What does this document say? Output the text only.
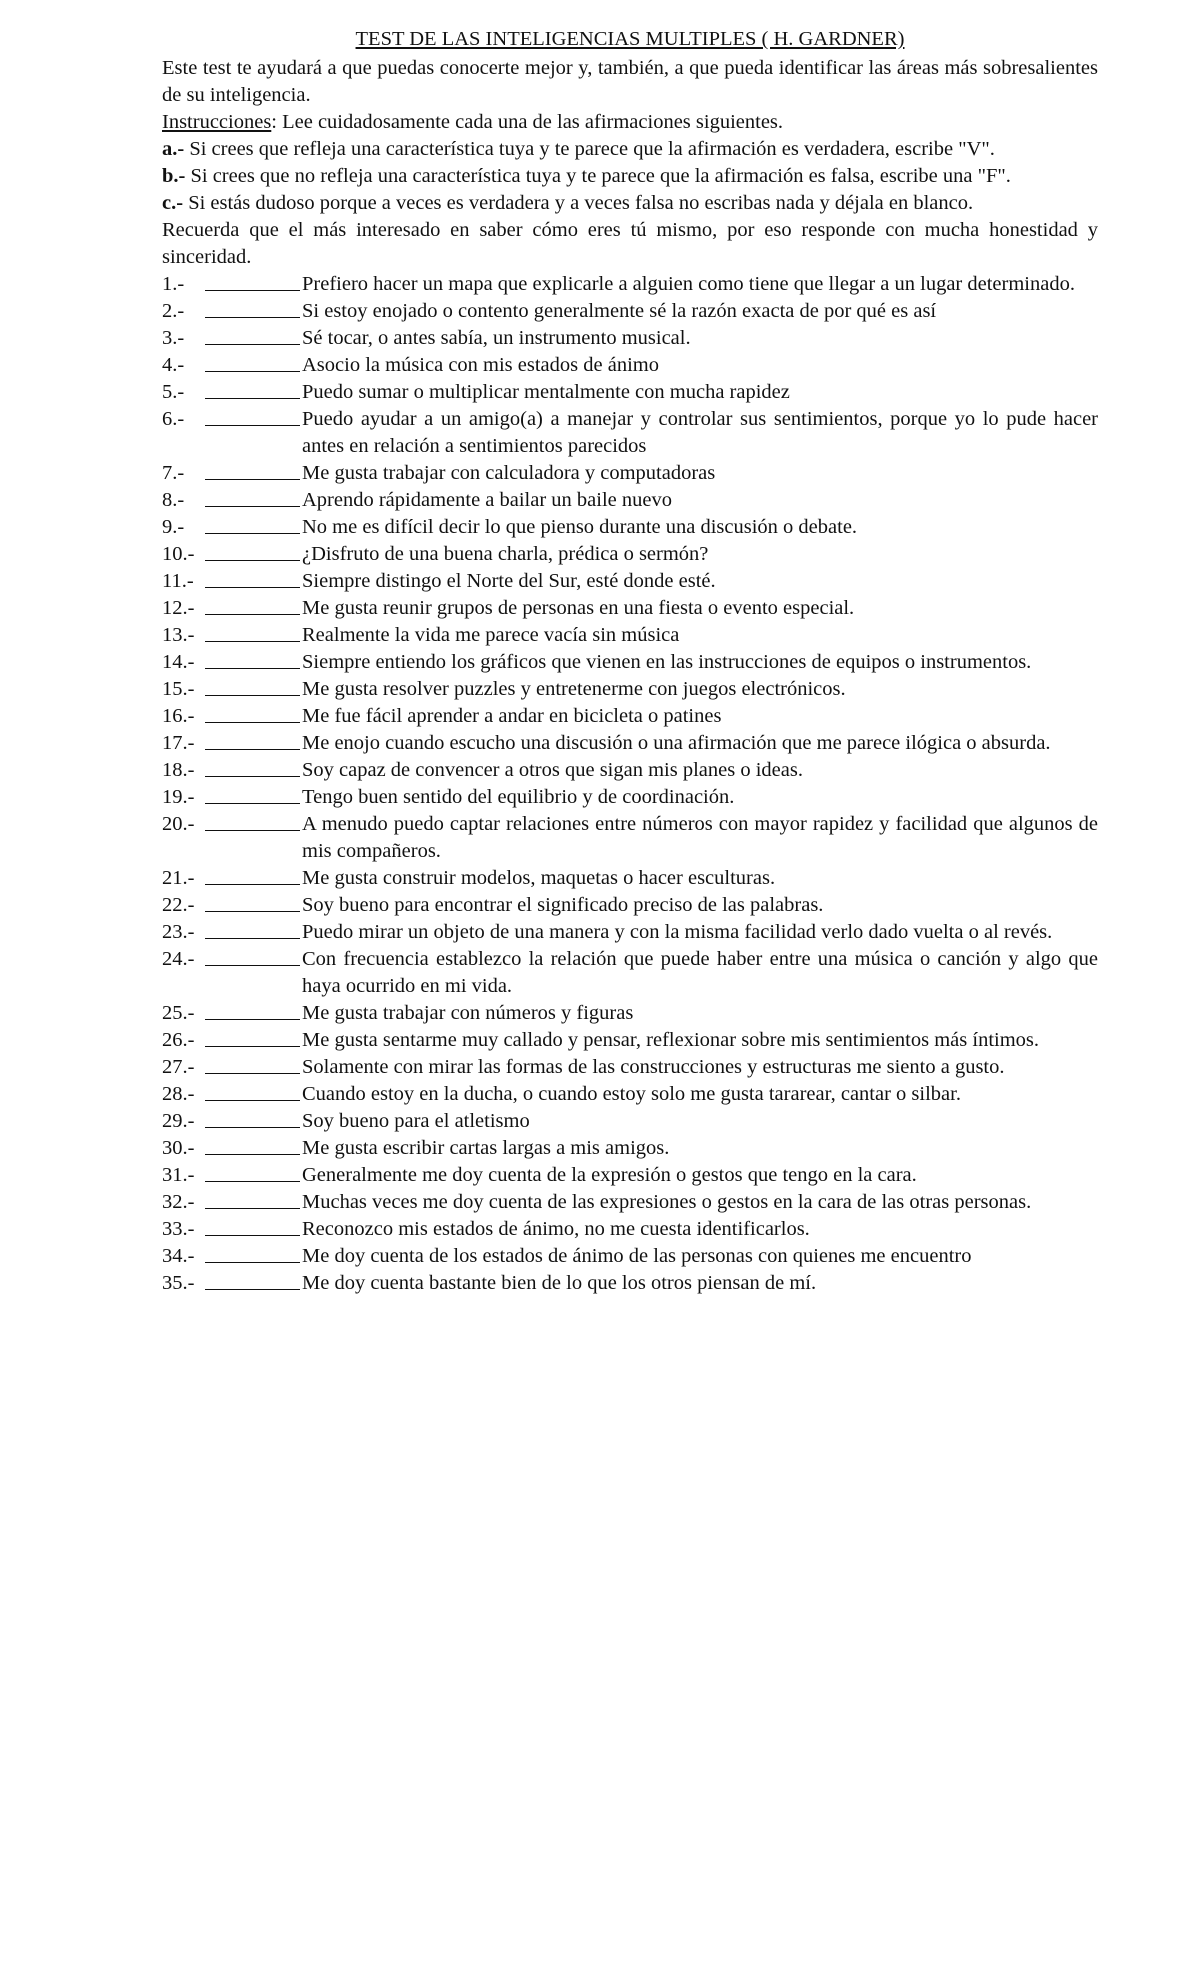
TEST DE LAS INTELIGENCIAS MULTIPLES ( H. GARDNER)

Este test te ayudará a que puedas conocerte mejor y, también, a que pueda identificar las áreas más sobresalientes de su inteligencia.

Instrucciones: Lee cuidadosamente cada una de las afirmaciones siguientes.

a.- Si crees que refleja una característica tuya y te parece que la afirmación es verdadera, escribe "V".

b.- Si crees que no refleja una característica tuya y te parece que la afirmación es falsa, escribe una "F".

c.- Si estás dudoso porque a veces es verdadera y a veces falsa no escribas nada y déjala en blanco.

Recuerda que el más interesado en saber cómo eres tú mismo, por eso responde con mucha honestidad y sinceridad.

1.-	Prefiero hacer un mapa que explicarle a alguien como tiene que llegar a un lugar determinado.
2.-	Si estoy enojado o contento generalmente sé la razón exacta de por qué es así
3.-	Sé tocar, o antes sabía, un instrumento musical.
4.-	Asocio la música con mis estados de ánimo
5.-	Puedo sumar o multiplicar mentalmente con mucha rapidez
6.-	Puedo ayudar a un amigo(a) a manejar y controlar sus sentimientos, porque yo lo pude hacer antes en relación a sentimientos parecidos
7.-	Me gusta trabajar con calculadora y computadoras
8.-	Aprendo rápidamente a bailar un baile nuevo
9.-	No me es difícil decir lo que pienso durante una discusión o debate.
10.-	¿Disfruto de una buena charla, prédica o sermón?
11.-	Siempre distingo el Norte del Sur, esté donde esté.
12.-	Me gusta reunir grupos de personas en una fiesta o evento especial.
13.-	Realmente la vida me parece vacía sin música
14.-	Siempre entiendo los gráficos que vienen en las instrucciones de equipos o instrumentos.
15.-	Me gusta resolver puzzles y entretenerme con juegos electrónicos.
16.-	Me fue fácil aprender a andar en bicicleta o patines
17.-	Me enojo cuando escucho una discusión o una afirmación que me parece ilógica o absurda.
18.-	Soy capaz de convencer a otros que sigan mis planes o ideas.
19.-	Tengo buen sentido del equilibrio y de coordinación.
20.-	A menudo puedo captar relaciones entre números con mayor rapidez y facilidad que algunos de mis compañeros.
21.-	Me gusta construir modelos, maquetas o hacer esculturas.
22.-	Soy bueno para encontrar el significado preciso de las palabras.
23.-	Puedo mirar un objeto de una manera y con la misma facilidad verlo dado vuelta o al revés.
24.-	Con frecuencia establezco la relación que puede haber entre una música o canción y algo que haya ocurrido en mi vida.
25.-	Me gusta trabajar con números y figuras
26.-	Me gusta sentarme muy callado y pensar, reflexionar sobre mis sentimientos más íntimos.
27.-	Solamente con mirar las formas de las construcciones y estructuras me siento a gusto.
28.-	Cuando estoy en la ducha, o cuando estoy solo me gusta tararear, cantar o silbar.
29.-	Soy bueno para el atletismo
30.-	Me gusta escribir cartas largas a mis amigos.
31.-	Generalmente me doy cuenta de la expresión o gestos que tengo en la cara.
32.-	Muchas veces me doy cuenta de las expresiones o gestos en la cara de las otras personas.
33.-	Reconozco mis estados de ánimo, no me cuesta identificarlos.
34.-	Me doy cuenta de los estados de ánimo de las personas con quienes me encuentro
35.-	Me doy cuenta bastante bien de lo que los otros piensan de mí.
